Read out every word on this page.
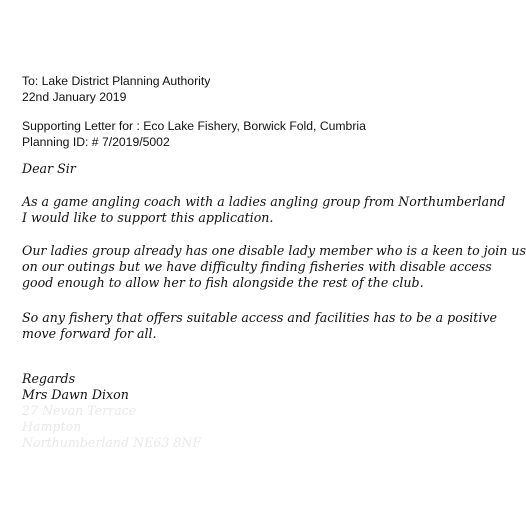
To: Lake District Planning Authority
22nd January 2019
Supporting Letter for : Eco Lake Fishery, Borwick Fold, Cumbria
Planning ID: # 7/2019/5002
Dear Sir
As a game angling coach with a ladies angling group from Northumberland
I would like to support this application.
Our ladies group already has one disable lady member who is a keen to join us
on our outings but we have difficulty finding fisheries with disable access
good enough to allow her to fish alongside the rest of the club.
So any fishery that offers suitable access and facilities has to be a positive
move forward for all.
Regards
Mrs Dawn Dixon
27 Nevan Terrace
Hampton
Northumberland NE63 8NF
